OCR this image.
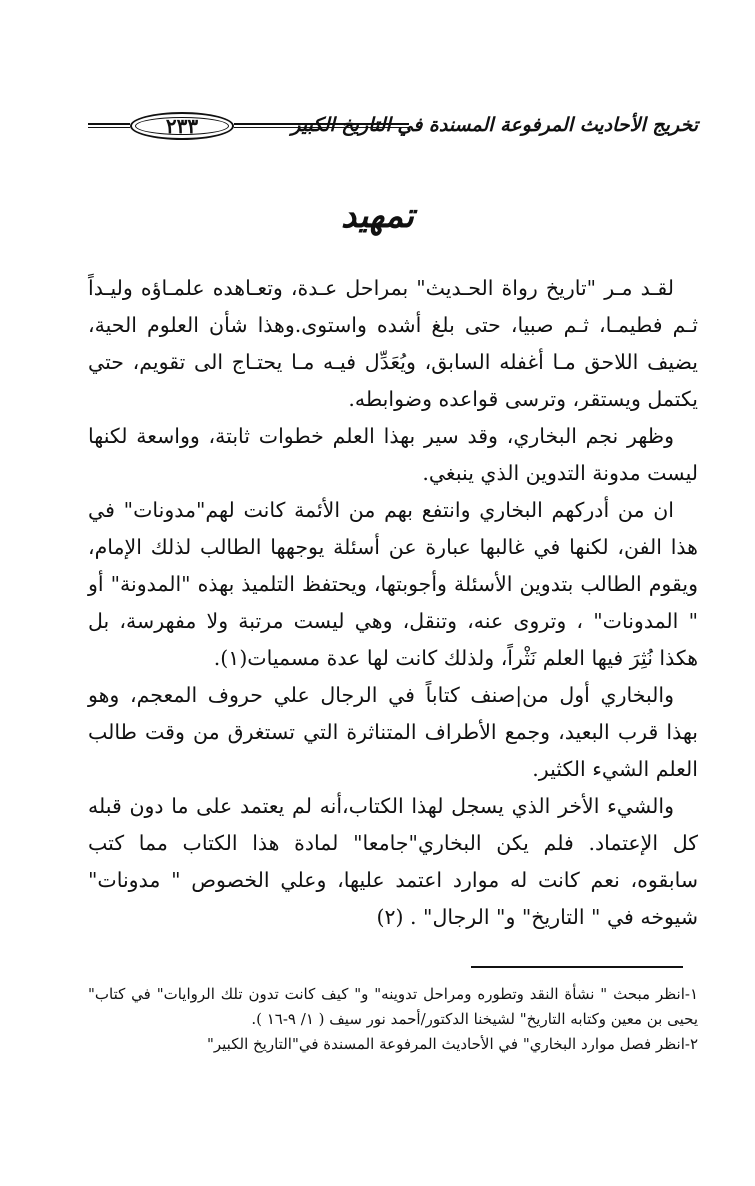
٢٣٣	تخريج الأحاديث المرفوعة المسندة في التاريخ الكبير
تمهيد

لقـد مـر "تاريخ رواة الحـديث" بمراحل عـدة، وتعـاهده علمـاؤه وليـداً ثـم فطيمـا، ثـم صبيا، حتى بلغ أشده واستوى.وهذا شأن العلوم الحية، يضيف اللاحق مـا أغفله السابق، ويُعَدِّل فيـه مـا يحتـاج الى تقويم، حتي يكتمل ويستقر، وترسى قواعده وضوابطه.

وظهر نجم البخاري، وقد سير بهذا العلم خطوات ثابتة، وواسعة لكنها ليست مدونة التدوين الذي ينبغي.

ان من أدركهم البخاري وانتفع بهم من الأئمة كانت لهم"مدونات" في هذا الفن، لكنها في غالبها عبارة عن أسئلة يوجهها الطالب لذلك الإمام، ويقوم الطالب بتدوين الأسئلة وأجوبتها، ويحتفظ التلميذ بهذه "المدونة" أو " المدونات" ، وتروى عنه، وتنقل، وهي ليست مرتبة ولا مفهرسة، بل هكذا نُثِرَ فيها العلم نَثْراً، ولذلك كانت لها عدة مسميات(١).

والبخاري أول من|صنف كتاباً في الرجال علي حروف المعجم، وهو بهذا قرب البعيد، وجمع الأطراف المتناثرة التي تستغرق من وقت طالب العلم الشيء الكثير.

والشيء الأخر الذي يسجل لهذا الكتاب،أنه لم يعتمد على ما دون قبله كل الإعتماد. فلم يكن البخاري"جامعا" لمادة هذا الكتاب مما كتب سابقوه، نعم كانت له موارد اعتمد عليها، وعلي الخصوص " مدونات" شيوخه في " التاريخ" و" الرجال" . (٢)

١-انظر مبحث " نشأة النقد وتطوره ومراحل تدوينه" و" كيف كانت تدون تلك الروايات" في كتاب" يحيى بن معين وكتابه التاريخ" لشيخنا الدكتور/أحمد نور سيف ( ١/ ٩-١٦ ).

٢-انظر فصل موارد البخاري" في الأحاديث المرفوعة المسندة في"التاريخ الكبير"
